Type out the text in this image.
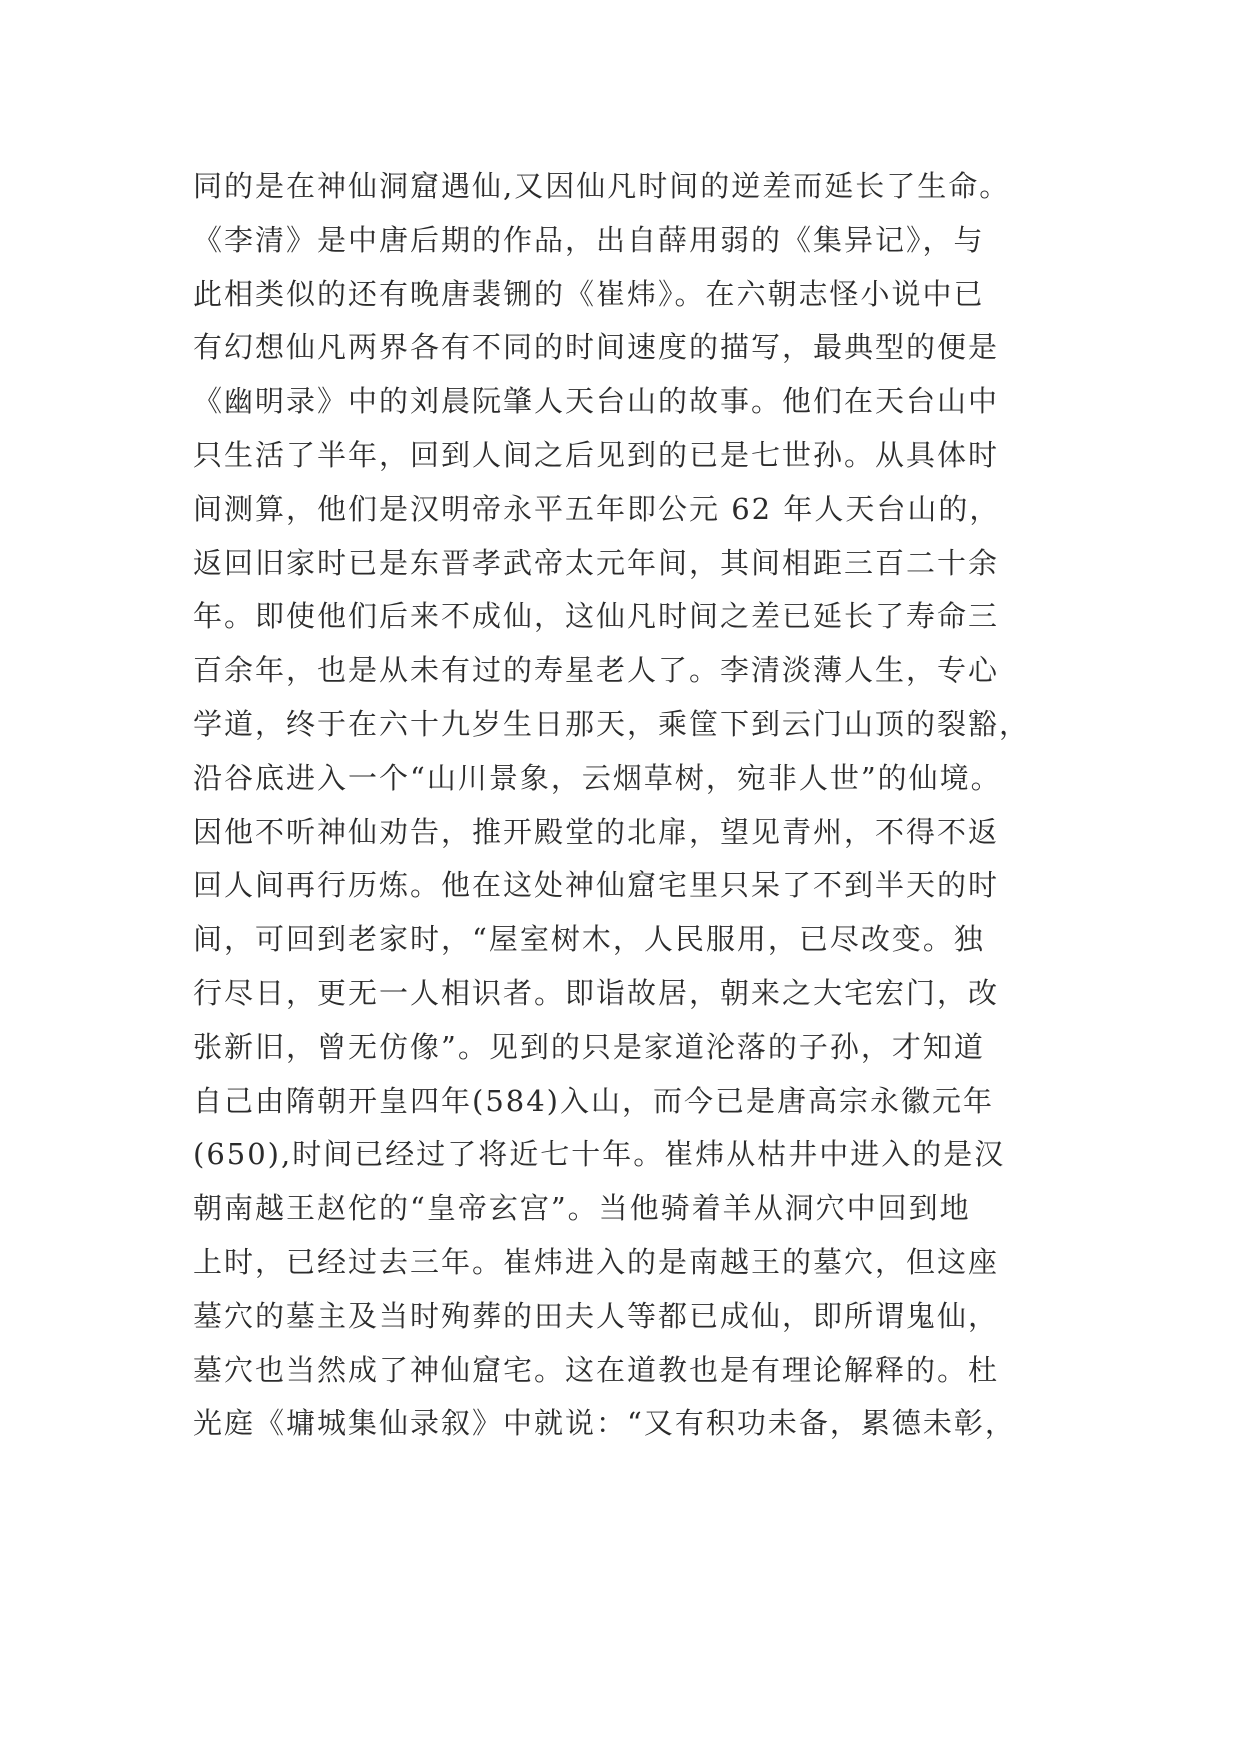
同的是在神仙洞窟遇仙,又因仙凡时间的逆差而延长了生命。
《李清》是中唐后期的作品，出自薛用弱的《集异记》，与
此相类似的还有晚唐裴铏的《崔炜》。在六朝志怪小说中已
有幻想仙凡两界各有不同的时间速度的描写，最典型的便是
《幽明录》中的刘晨阮肇人天台山的故事。他们在天台山中
只生活了半年，回到人间之后见到的已是七世孙。从具体时
间测算，他们是汉明帝永平五年即公元 62 年人天台山的，
返回旧家时已是东晋孝武帝太元年间，其间相距三百二十余
年。即使他们后来不成仙，这仙凡时间之差已延长了寿命三
百余年，也是从未有过的寿星老人了。李清淡薄人生，专心
学道，终于在六十九岁生日那天，乘筐下到云门山顶的裂豁，
沿谷底进入一个“山川景象，云烟草树，宛非人世”的仙境。
因他不听神仙劝告，推开殿堂的北扉，望见青州，不得不返
回人间再行历炼。他在这处神仙窟宅里只呆了不到半天的时
间，可回到老家时，“屋室树木，人民服用，已尽改变。独
行尽日，更无一人相识者。即诣故居，朝来之大宅宏门，改
张新旧，曾无仿像”。见到的只是家道沦落的子孙，才知道
自己由隋朝开皇四年(584)入山，而今已是唐高宗永徽元年
(650),时间已经过了将近七十年。崔炜从枯井中进入的是汉
朝南越王赵佗的“皇帝玄宫”。当他骑着羊从洞穴中回到地
上时，已经过去三年。崔炜进入的是南越王的墓穴，但这座
墓穴的墓主及当时殉葬的田夫人等都已成仙，即所谓鬼仙，
墓穴也当然成了神仙窟宅。这在道教也是有理论解释的。杜
光庭《墉城集仙录叙》中就说：“又有积功未备，累德未彰，
